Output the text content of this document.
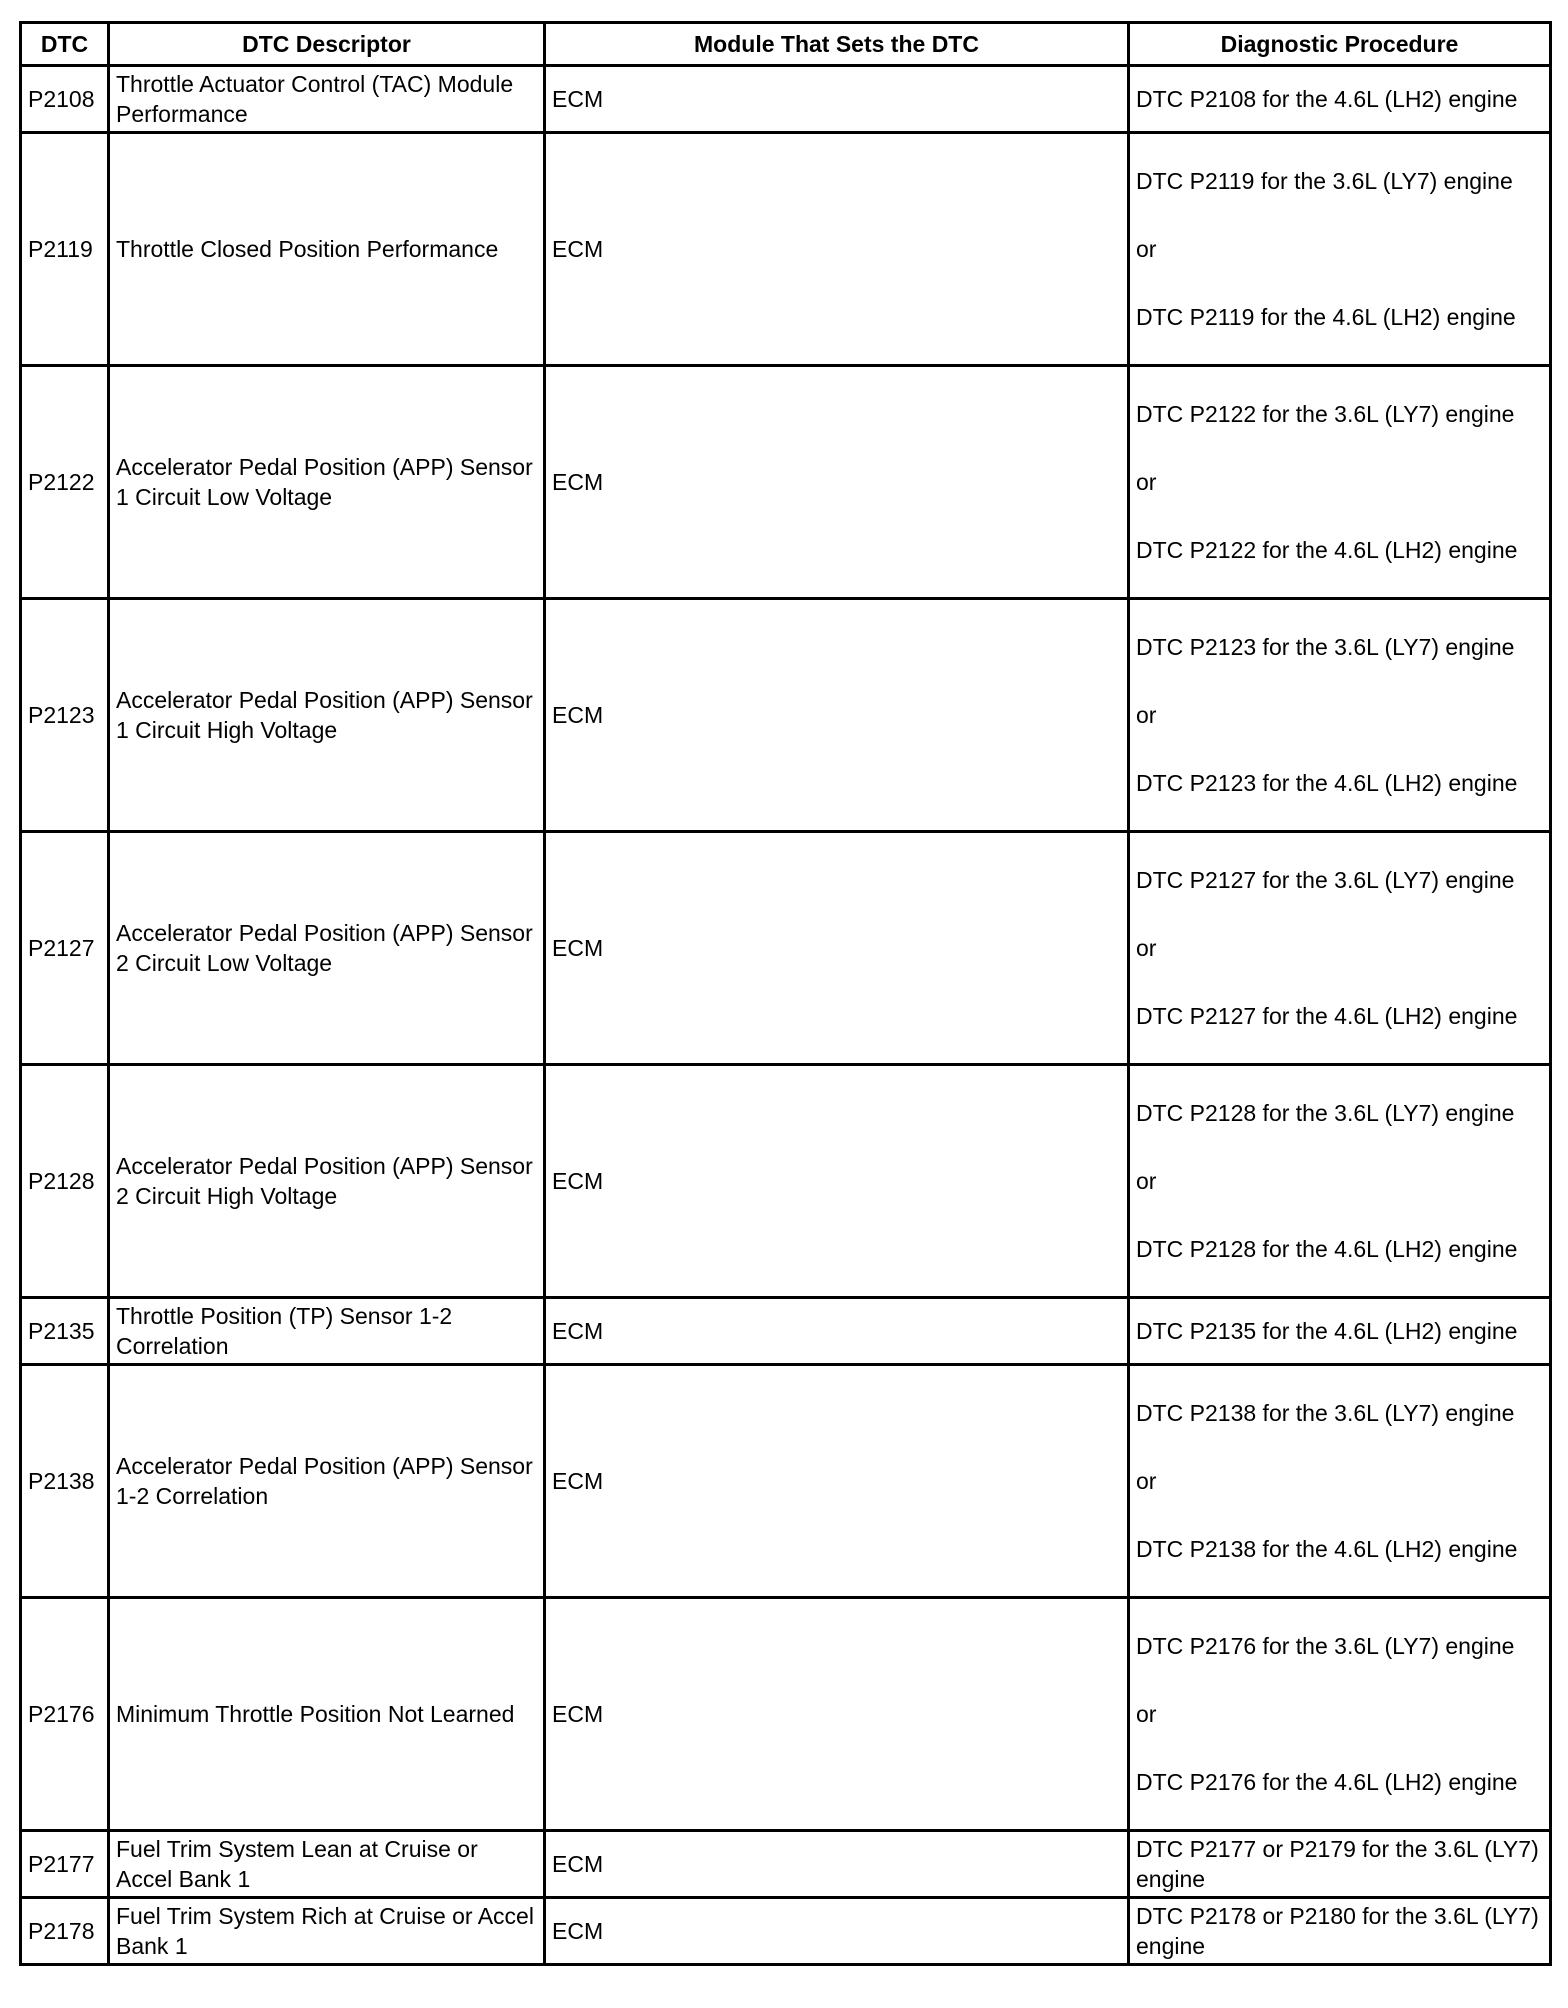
DTC	DTC Descriptor	Module That Sets the DTC	Diagnostic Procedure
P2108	Throttle Actuator Control (TAC) Module Performance	ECM	DTC P2108 for the 4.6L (LH2) engine

P2119	Throttle Closed Position Performance	ECM	DTC P2119 for the 3.6L (LY7) engine
or
DTC P2119 for the 4.6L (LH2) engine

P2122	Accelerator Pedal Position (APP) Sensor 1 Circuit Low Voltage	ECM	DTC P2122 for the 3.6L (LY7) engine
or
DTC P2122 for the 4.6L (LH2) engine

P2123	Accelerator Pedal Position (APP) Sensor 1 Circuit High Voltage	ECM	DTC P2123 for the 3.6L (LY7) engine
or
DTC P2123 for the 4.6L (LH2) engine

P2127	Accelerator Pedal Position (APP) Sensor 2 Circuit Low Voltage	ECM	DTC P2127 for the 3.6L (LY7) engine
or
DTC P2127 for the 4.6L (LH2) engine

P2128	Accelerator Pedal Position (APP) Sensor 2 Circuit High Voltage	ECM	DTC P2128 for the 3.6L (LY7) engine
or
DTC P2128 for the 4.6L (LH2) engine

P2135	Throttle Position (TP) Sensor 1-2 Correlation	ECM	DTC P2135 for the 4.6L (LH2) engine

P2138	Accelerator Pedal Position (APP) Sensor 1-2 Correlation	ECM	DTC P2138 for the 3.6L (LY7) engine
or
DTC P2138 for the 4.6L (LH2) engine

P2176	Minimum Throttle Position Not Learned	ECM	DTC P2176 for the 3.6L (LY7) engine
or
DTC P2176 for the 4.6L (LH2) engine

P2177	Fuel Trim System Lean at Cruise or Accel Bank 1	ECM	DTC P2177 or P2179 for the 3.6L (LY7) engine

P2178	Fuel Trim System Rich at Cruise or Accel Bank 1	ECM	DTC P2178 or P2180 for the 3.6L (LY7) engine
